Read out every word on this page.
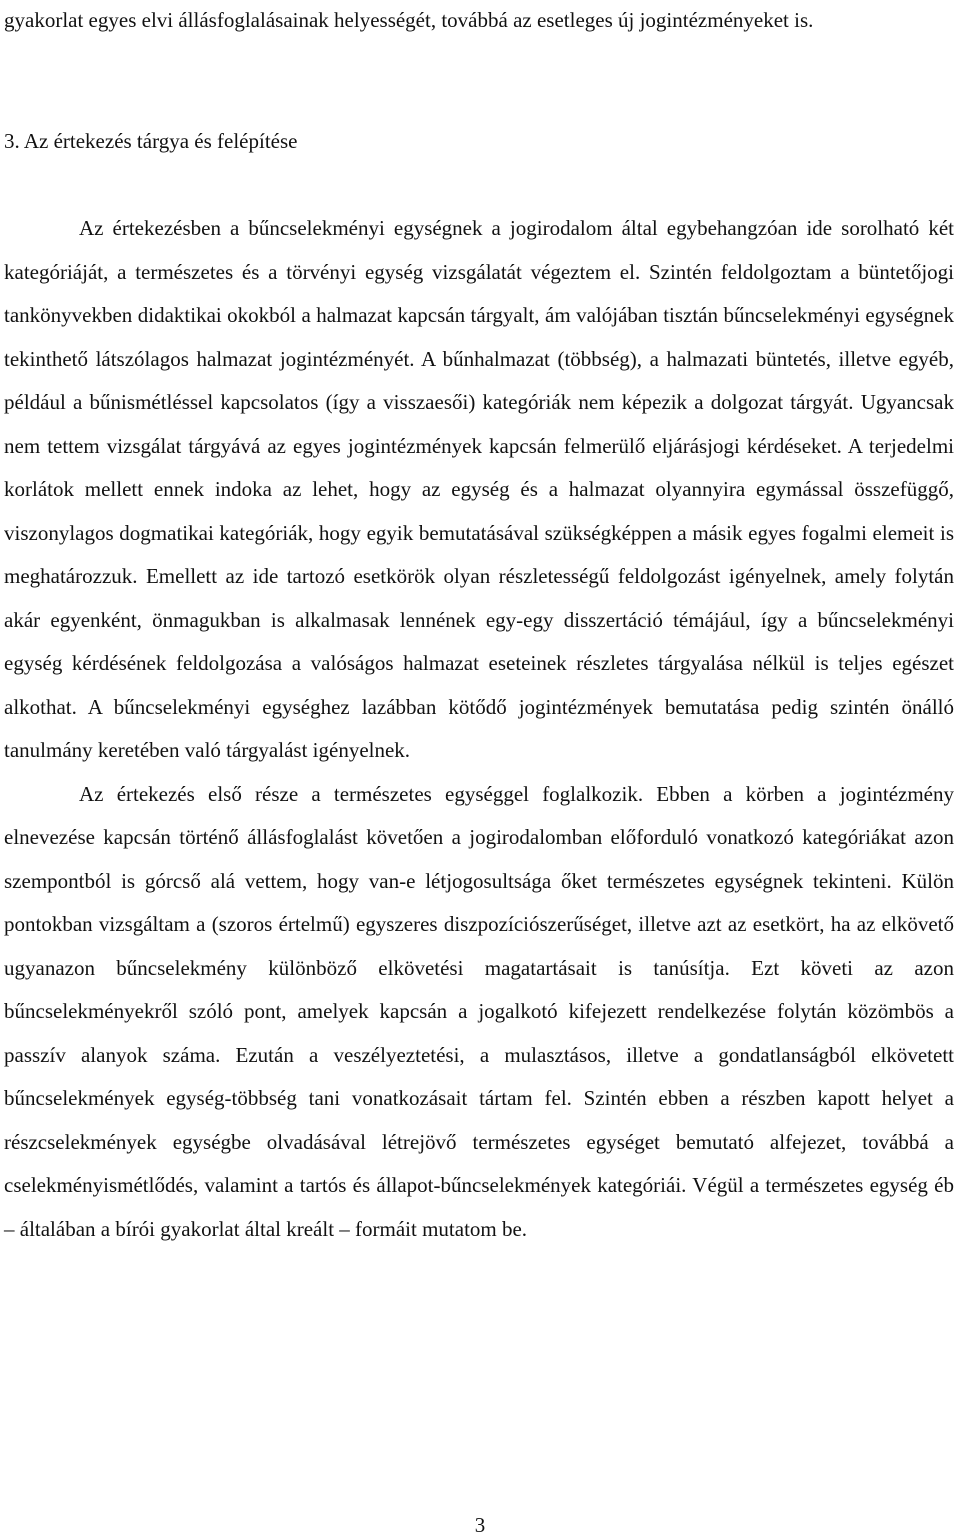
gyakorlat egyes elvi állásfoglalásainak helyességét, továbbá az esetleges új jogintézményeket is.

3. Az értekezés tárgya és felépítése

Az értekezésben a bűncselekményi egységnek a jogirodalom által egybehangzóan ide sorolható két kategóriáját, a természetes és a törvényi egység vizsgálatát végeztem el. Szintén feldolgoztam a büntetőjogi tankönyvekben didaktikai okokból a halmazat kapcsán tárgyalt, ám valójában tisztán bűncselekményi egységnek tekinthető látszólagos halmazat jogintézményét. A bűnhalmazat (többség), a halmazati büntetés, illetve egyéb, például a bűnismétléssel kapcsolatos (így a visszaesői) kategóriák nem képezik a dolgozat tárgyát. Ugyancsak nem tettem vizsgálat tárgyává az egyes jogintézmények kapcsán felmerülő eljárásjogi kérdéseket. A terjedelmi korlátok mellett ennek indoka az lehet, hogy az egység és a halmazat olyannyira egymással összefüggő, viszonylagos dogmatikai kategóriák, hogy egyik bemutatásával szükségképpen a másik egyes fogalmi elemeit is meghatározzuk. Emellett az ide tartozó esetkörök olyan részletességű feldolgozást igényelnek, amely folytán akár egyenként, önmagukban is alkalmasak lennének egy-egy disszertáció témájául, így a bűncselekményi egység kérdésének feldolgozása a valóságos halmazat eseteinek részletes tárgyalása nélkül is teljes egészet alkothat. A bűncselekményi egységhez lazábban kötődő jogintézmények bemutatása pedig szintén önálló tanulmány keretében való tárgyalást igényelnek.

Az értekezés első része a természetes egységgel foglalkozik. Ebben a körben a jogintézmény elnevezése kapcsán történő állásfoglalást követően a jogirodalomban előforduló vonatkozó kategóriákat azon szempontból is górcső alá vettem, hogy van-e létjogosultsága őket természetes egységnek tekinteni. Külön pontokban vizsgáltam a (szoros értelmű) egyszeres diszpozíciószerűséget, illetve azt az esetkört, ha az elkövető ugyanazon bűncselekmény különböző elkövetési magatartásait is tanúsítja. Ezt követi az azon bűncselekményekről szóló pont, amelyek kapcsán a jogalkotó kifejezett rendelkezése folytán közömbös a passzív alanyok száma. Ezután a veszélyeztetési, a mulasztásos, illetve a gondatlanságból elkövetett bűncselekmények egység-többség tani vonatkozásait tártam fel. Szintén ebben a részben kapott helyet a részcselekmények egységbe olvadásával létrejövő természetes egységet bemutató alfejezet, továbbá a cselekményismétlődés, valamint a tartós és állapot-bűncselekmények kategóriái. Végül a természetes egység éb – általában a bírói gyakorlat által kreált – formáit mutatom be.

3
